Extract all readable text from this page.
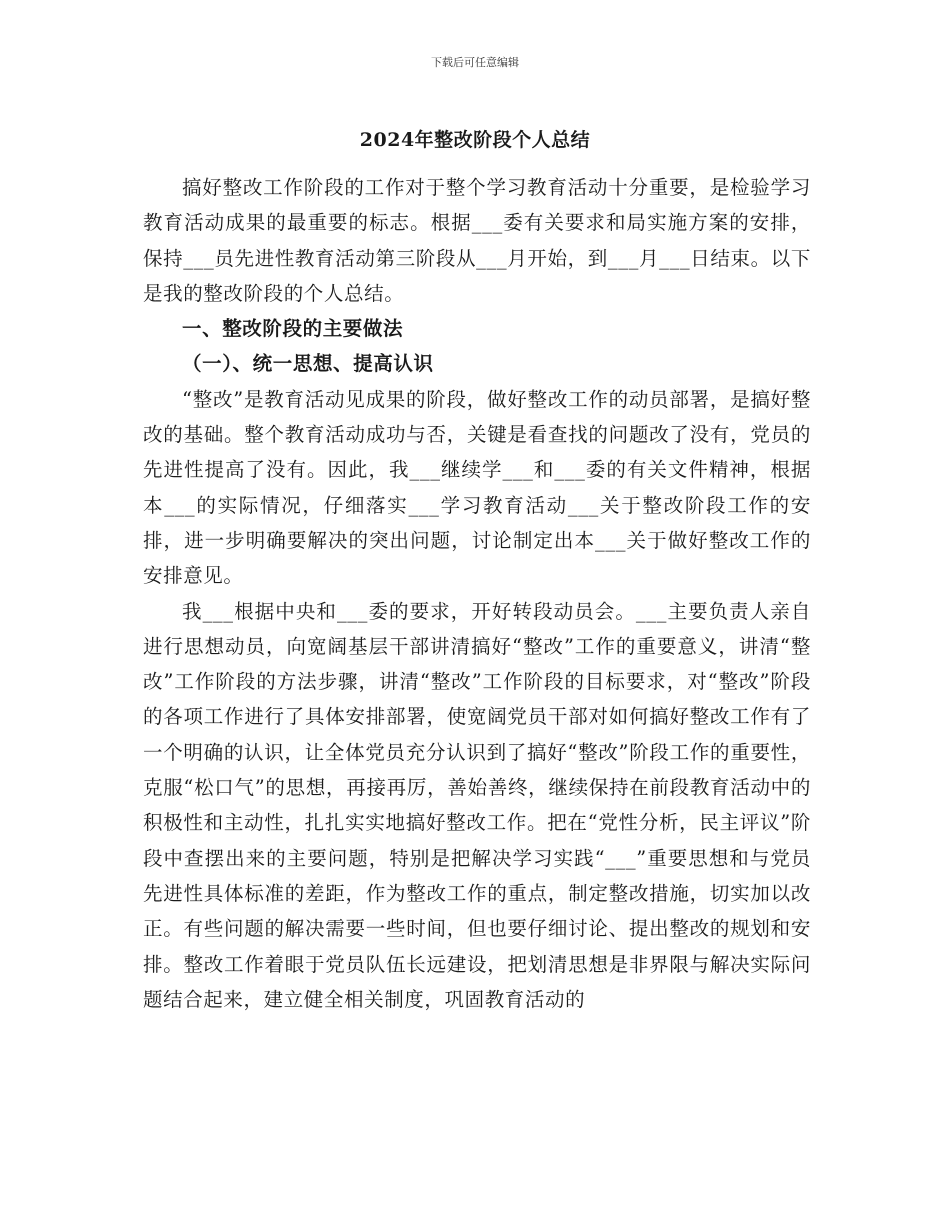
下载后可任意编辑
2024年整改阶段个人总结

搞好整改工作阶段的工作对于整个学习教育活动十分重要，是检验学习教育活动成果的最重要的标志。根据___委有关要求和局实施方案的安排，保持___员先进性教育活动第三阶段从___月开始，到___月___日结束。以下是我的整改阶段的个人总结。

一、整改阶段的主要做法

（一）、统一思想、提高认识

“整改”是教育活动见成果的阶段，做好整改工作的动员部署，是搞好整改的基础。整个教育活动成功与否，关键是看查找的问题改了没有，党员的先进性提高了没有。因此，我___继续学___和___委的有关文件精神，根据本___的实际情况，仔细落实___学习教育活动___关于整改阶段工作的安排，进一步明确要解决的突出问题，讨论制定出本___关于做好整改工作的安排意见。

我___根据中央和___委的要求，开好转段动员会。___主要负责人亲自进行思想动员，向宽阔基层干部讲清搞好“整改”工作的重要意义，讲清“整改”工作阶段的方法步骤，讲清“整改”工作阶段的目标要求，对“整改”阶段的各项工作进行了具体安排部署，使宽阔党员干部对如何搞好整改工作有了一个明确的认识，让全体党员充分认识到了搞好“整改”阶段工作的重要性，克服“松口气”的思想，再接再厉，善始善终，继续保持在前段教育活动中的积极性和主动性，扎扎实实地搞好整改工作。把在“党性分析，民主评议”阶段中查摆出来的主要问题，特别是把解决学习实践“___”重要思想和与党员先进性具体标准的差距，作为整改工作的重点，制定整改措施，切实加以改正。有些问题的解决需要一些时间，但也要仔细讨论、提出整改的规划和安排。整改工作着眼于党员队伍长远建设，把划清思想是非界限与解决实际问题结合起来，建立健全相关制度，巩固教育活动的
